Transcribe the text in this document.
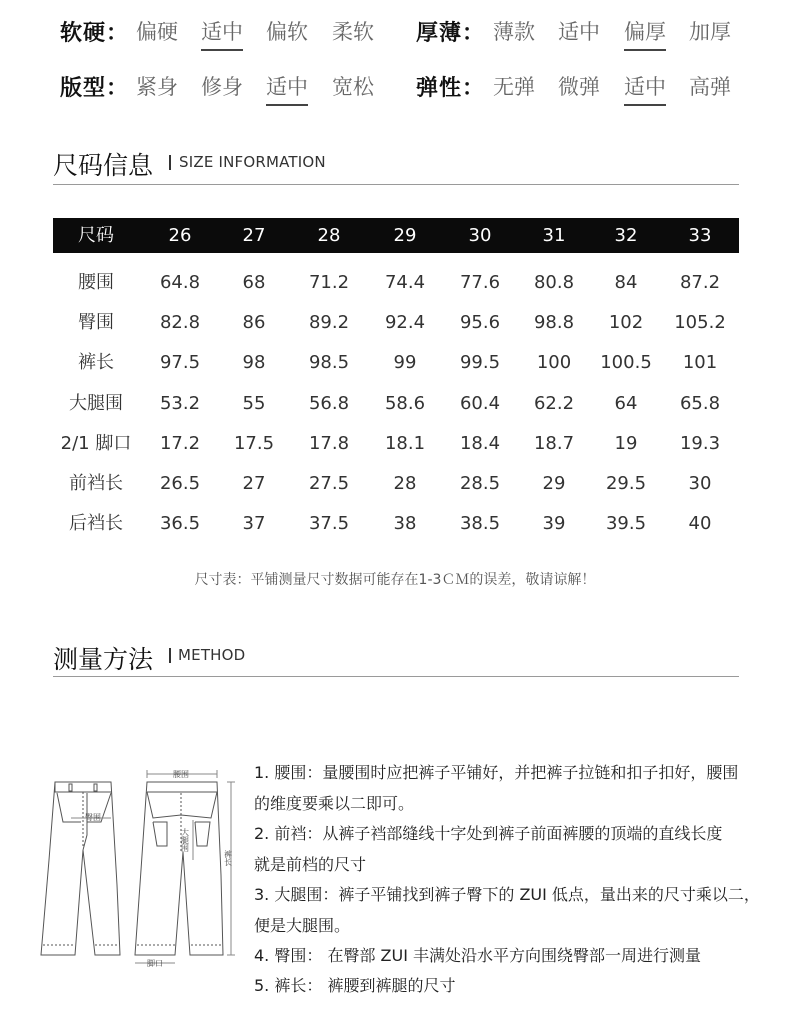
软硬： 偏硬 适中 偏软 柔软 厚薄： 薄款 适中 偏厚 加厚
版型： 紧身 修身 适中 宽松 弹性： 无弹 微弹 适中 高弹
尺码信息 SIZE INFORMATION
尺码	26	27	28	29	30	31	32	33
腰围	64.8	68	71.2	74.4	77.6	80.8	84	87.2
臀围	82.8	86	89.2	92.4	95.6	98.8	102	105.2
裤长	97.5	98	98.5	99	99.5	100	100.5	101
大腿围	53.2	55	56.8	58.6	60.4	62.2	64	65.8
2/1 脚口	17.2	17.5	17.8	18.1	18.4	18.7	19	19.3
前裆长	26.5	27	27.5	28	28.5	29	29.5	30
后裆长	36.5	37	37.5	38	38.5	39	39.5	40
尺寸表：平铺测量尺寸数据可能存在1-3ＣＭ的误差，敬请谅解！
测量方法 METHOD
腰围
臀围
大腿围
裤长
脚口
1. 腰围：量腰围时应把裤子平铺好，并把裤子拉链和扣子扣好，腰围
的维度要乘以二即可。
2. 前裆：从裤子裆部缝线十字处到裤子前面裤腰的顶端的直线长度
就是前档的尺寸
3. 大腿围：裤子平铺找到裤子臀下的 ZUI 低点，量出来的尺寸乘以二，
便是大腿围。
4. 臀围： 在臀部 ZUI 丰满处沿水平方向围绕臀部一周进行测量
5. 裤长： 裤腰到裤腿的尺寸
